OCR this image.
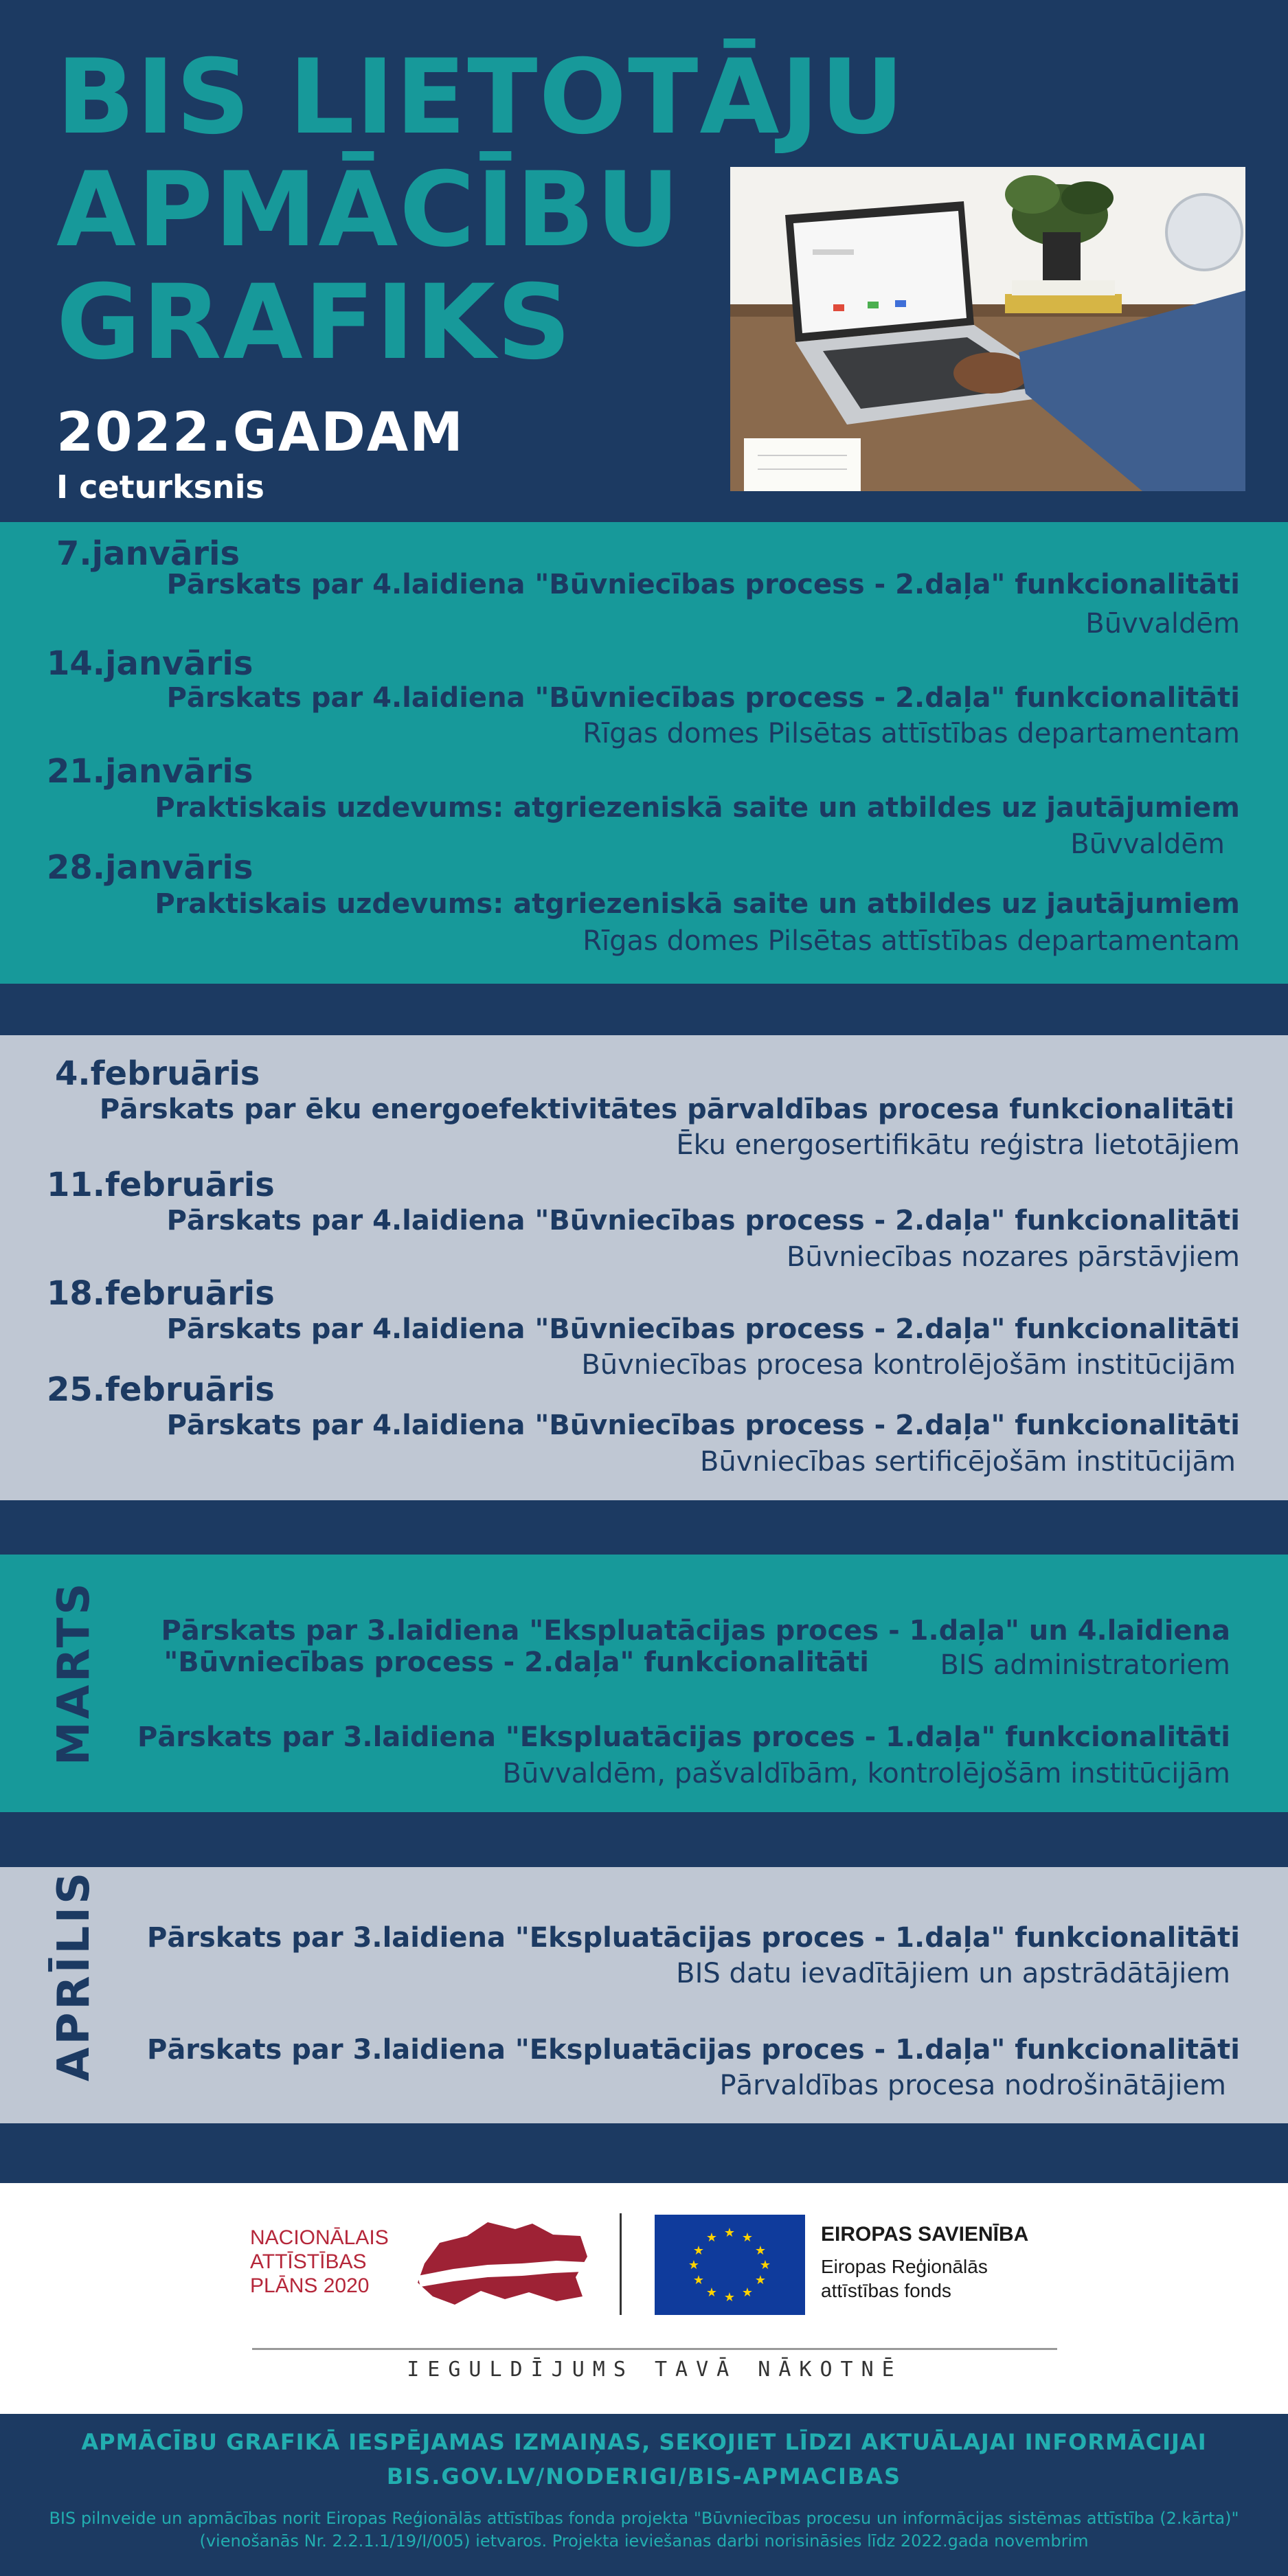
BIS LIETOTĀJU
APMĀCĪBU
GRAFIKS
2022.GADAM
I ceturksnis
7.janvāris
Pārskats par 4.laidiena "Būvniecības process - 2.daļa" funkcionalitāti
Būvvaldēm
14.janvāris
Pārskats par 4.laidiena "Būvniecības process - 2.daļa" funkcionalitāti
Rīgas domes Pilsētas attīstības departamentam
21.janvāris
Praktiskais uzdevums: atgriezeniskā saite un atbildes uz jautājumiem
Būvvaldēm
28.janvāris
Praktiskais uzdevums: atgriezeniskā saite un atbildes uz jautājumiem
Rīgas domes Pilsētas attīstības departamentam
4.februāris
Pārskats par ēku energoefektivitātes pārvaldības procesa funkcionalitāti
Ēku energosertifikātu reģistra lietotājiem
11.februāris
Pārskats par 4.laidiena "Būvniecības process - 2.daļa" funkcionalitāti
Būvniecības nozares pārstāvjiem
18.februāris
Pārskats par 4.laidiena "Būvniecības process - 2.daļa" funkcionalitāti
Būvniecības procesa kontrolējošām institūcijām
25.februāris
Pārskats par 4.laidiena "Būvniecības process - 2.daļa" funkcionalitāti
Būvniecības sertificējošām institūcijām
MARTS Pārskats par 3.laidiena "Ekspluatācijas proces - 1.daļa" un 4.laidiena
"Būvniecības process - 2.daļa" funkcionalitāti	BIS administratoriem
Pārskats par 3.laidiena "Ekspluatācijas proces - 1.daļa" funkcionalitāti
Būvvaldēm, pašvaldībām, kontrolējošām institūcijām
APRĪLIS Pārskats par 3.laidiena "Ekspluatācijas proces - 1.daļa" funkcionalitāti
BIS datu ievadītājiem un apstrādātājiem
Pārskats par 3.laidiena "Ekspluatācijas proces - 1.daļa" funkcionalitāti
Pārvaldības procesa nodrošinātājiem
NACIONĀLAIS
ATTĪSTĪBAS
PLĀNS 2020
★ ★
★
★
★
★
★
★
★
★
★
★	EIROPAS SAVIENĪBA
Eiropas Reģionālās attīstības fonds
IEGULDĪJUMS TAVĀ NĀKOTNĒ
APMĀCĪBU GRAFIKĀ IESPĒJAMAS IZMAIŅAS, SEKOJIET LĪDZI AKTUĀLAJAI INFORMĀCIJAI
BIS.GOV.LV/NODERIGI/BIS-APMACIBAS
BIS pilnveide un apmācības norit Eiropas Reģionālās attīstības fonda projekta "Būvniecības procesu un informācijas sistēmas attīstība (2.kārta)" (vienošanās Nr. 2.2.1.1/19/I/005) ietvaros. Projekta ieviešanas darbi norisināsies līdz 2022.gada novembrim
